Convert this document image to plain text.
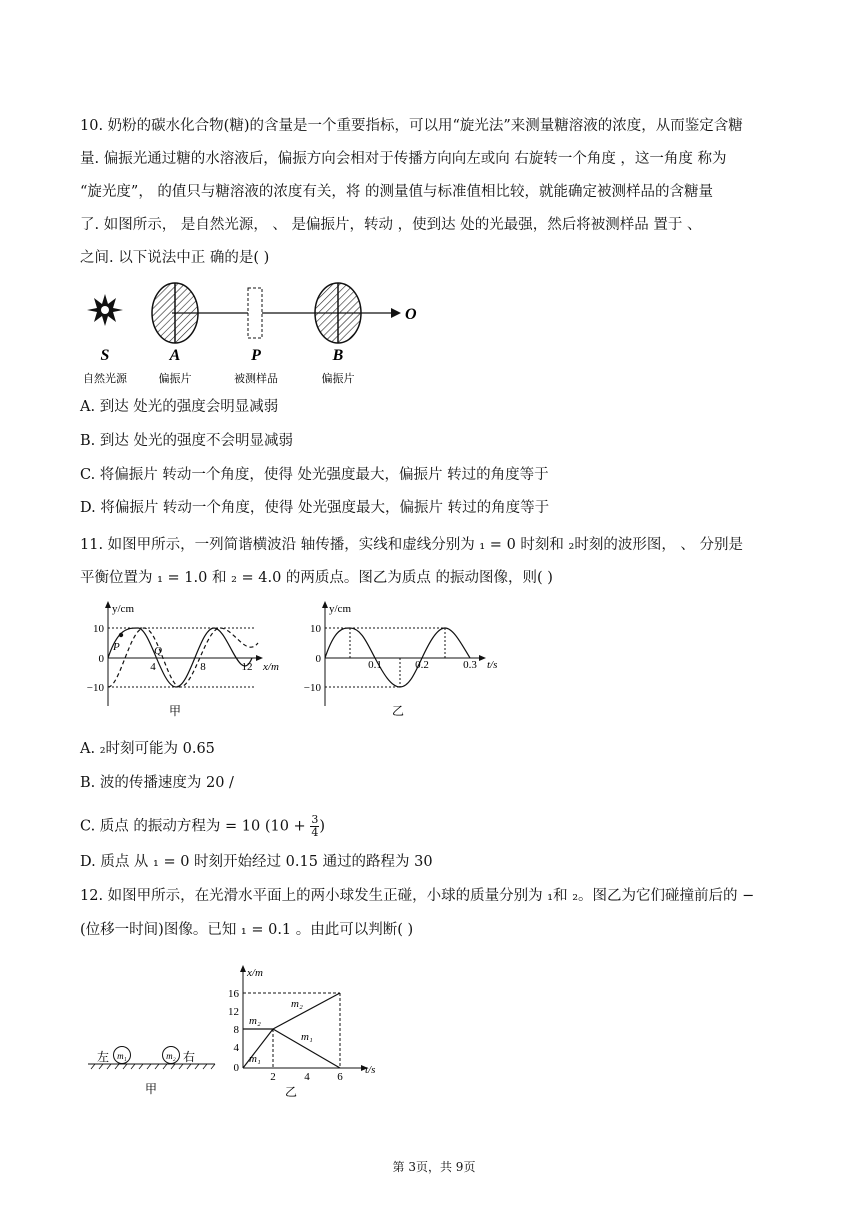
10. 奶粉的碳水化合物(糖)的含量是一个重要指标，可以用“旋光法”来测量糖溶液的浓度，从而鉴定含糖
量. 偏振光通过糖的水溶液后，偏振方向会相对于传播方向向左或向 右旋转一个角度 ，这一角度 称为
“旋光度”， 的值只与糖溶液的浓度有关，将 的测量值与标准值相比较，就能确定被测样品的含糖量
了. 如图所示， 是自然光源， 、 是偏振片，转动 ，使到达 处的光最强，然后将被测样品 置于 、
之间. 以下说法中正 确的是( )
S	A	P	B
O
自然光源	偏振片	被测样品	偏振片
A. 到达 处光的强度会明显减弱
B. 到达 处光的强度不会明显减弱
C. 将偏振片 转动一个角度，使得 处光强度最大，偏振片 转过的角度等于
D. 将偏振片 转动一个角度，使得 处光强度最大，偏振片 转过的角度等于
11. 如图甲所示，一列简谐横波沿 轴传播，实线和虚线分别为 ₁ = 0 时刻和 ₂时刻的波形图， 、 分别是
平衡位置为 ₁ = 1.0 和 ₂ = 4.0 的两质点。图乙为质点 的振动图像，则( )
y/cm
x/m
10
0
−10
P	Q
4	8	12
甲
y/cm
t/s
10
0
−10
0.1	0.2	0.3
乙
A. ₂时刻可能为 0.65
B. 波的传播速度为 20 /
C. 质点 的振动方程为 = 10 ($10 + \frac{3}{4}$ )
D. 质点 从 ₁ = 0 时刻开始经过 0.15 通过的路程为 30
12. 如图甲所示，在光滑水平面上的两小球发生正碰，小球的质量分别为 ₁和 ₂。图乙为它们碰撞前后的 −
(位移一时间)图像。已知 ₁ = 0.1 。由此可以判断( )
左 m₁	m₂ 右
甲
x/m
t/s
16
12
8
4
0
m₂
m₂
m₁
m₁
2	4	6
乙
第 3页，共 9页
